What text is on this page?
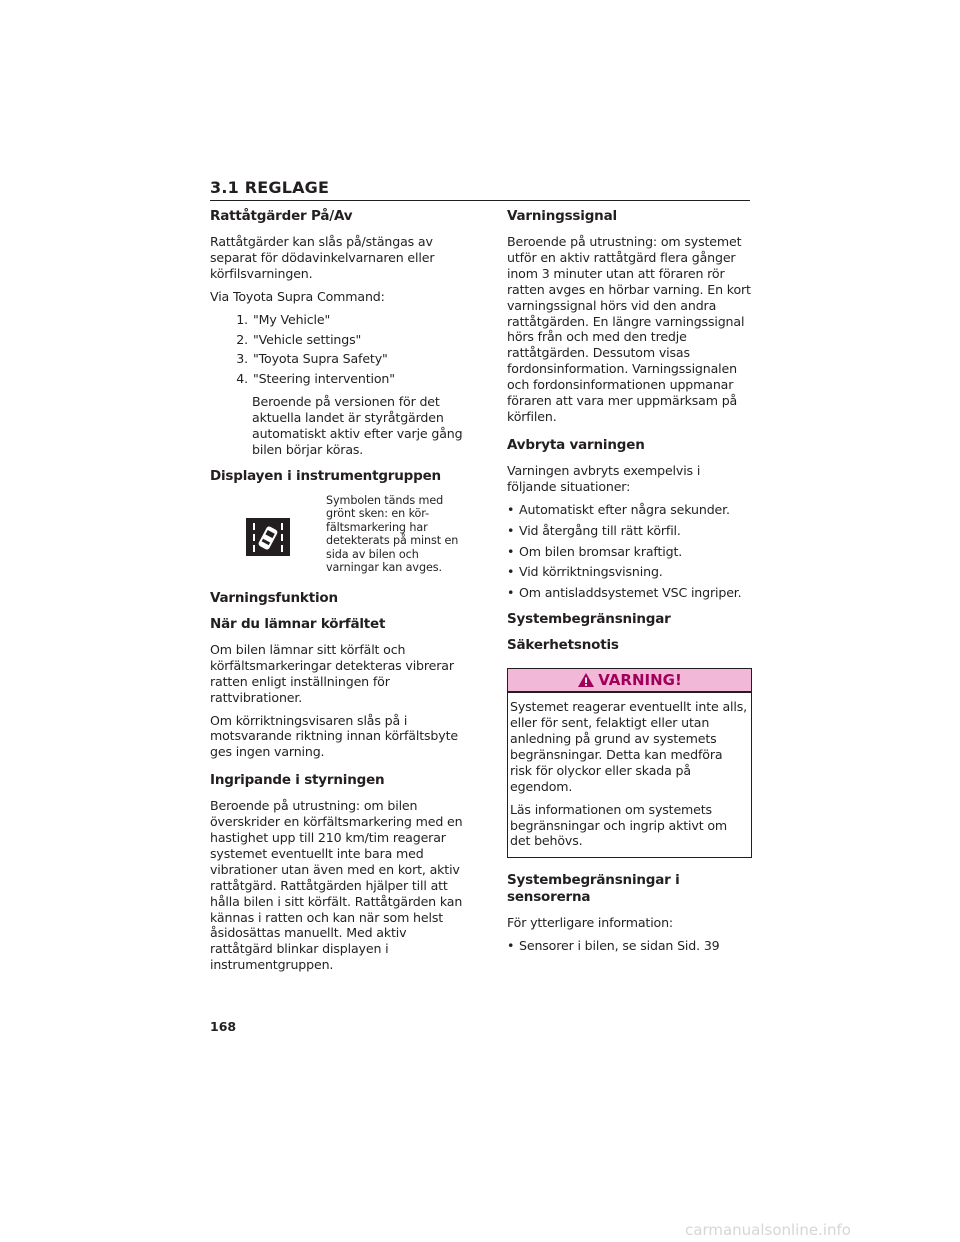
3.1 REGLAGE
Rattåtgärder På/Av

Rattåtgärder kan slås på/stängas av separat för dödavinkelvarnaren eller körfilsvarningen.

Via Toyota Supra Command:

1. "My Vehicle"
2. "Vehicle settings"
3. "Toyota Supra Safety"
4. "Steering intervention"
Beroende på versionen för det aktuella landet är styråtgärden automatiskt aktiv efter varje gång bilen börjar köras.
Displayen i instrumentgruppen
Symbolen tänds med grönt sken: en kör-fältsmarkering har detekterats på minst en sida av bilen och varningar kan avges.
Varningsfunktion
När du lämnar körfältet

Om bilen lämnar sitt körfält och körfältsmarkeringar detekteras vibrerar ratten enligt inställningen för rattvibrationer.

Om körriktningsvisaren slås på i motsvarande riktning innan körfältsbyte ges ingen varning.

Ingripande i styrningen

Beroende på utrustning: om bilen överskrider en körfältsmarkering med en hastighet upp till 210 km/tim reagerar systemet eventuellt inte bara med vibrationer utan även med en kort, aktiv rattåtgärd. Rattåtgärden hjälper till att hålla bilen i sitt körfält. Rattåtgärden kan kännas i ratten och kan när som helst åsidosättas manuellt. Med aktiv rattåtgärd blinkar displayen i instrumentgruppen.

Varningssignal

Beroende på utrustning: om systemet utför en aktiv rattåtgärd flera gånger inom 3 minuter utan att föraren rör ratten avges en hörbar varning. En kort varningssignal hörs vid den andra rattåtgärden. En längre varningssignal hörs från och med den tredje rattåtgärden. Dessutom visas fordonsinformation. Varningssignalen och fordonsinformationen uppmanar föraren att vara mer uppmärksam på körfilen.

Avbryta varningen

Varningen avbryts exempelvis i följande situationer:

• Automatiskt efter några sekunder.
• Vid återgång till rätt körfil.
• Om bilen bromsar kraftigt.
• Vid körriktningsvisning.
• Om antisladdsystemet VSC ingriper.
Systembegränsningar
Säkerhetsnotis
VARNING!

Systemet reagerar eventuellt inte alls, eller för sent, felaktigt eller utan anledning på grund av systemets begränsningar. Detta kan medföra risk för olyckor eller skada på egendom.

Läs informationen om systemets begränsningar och ingrip aktivt om det behövs.

Systembegränsningar i sensorerna

För ytterligare information:

• Sensorer i bilen, se sidan Sid. 39
168
carmanualsonline.info
